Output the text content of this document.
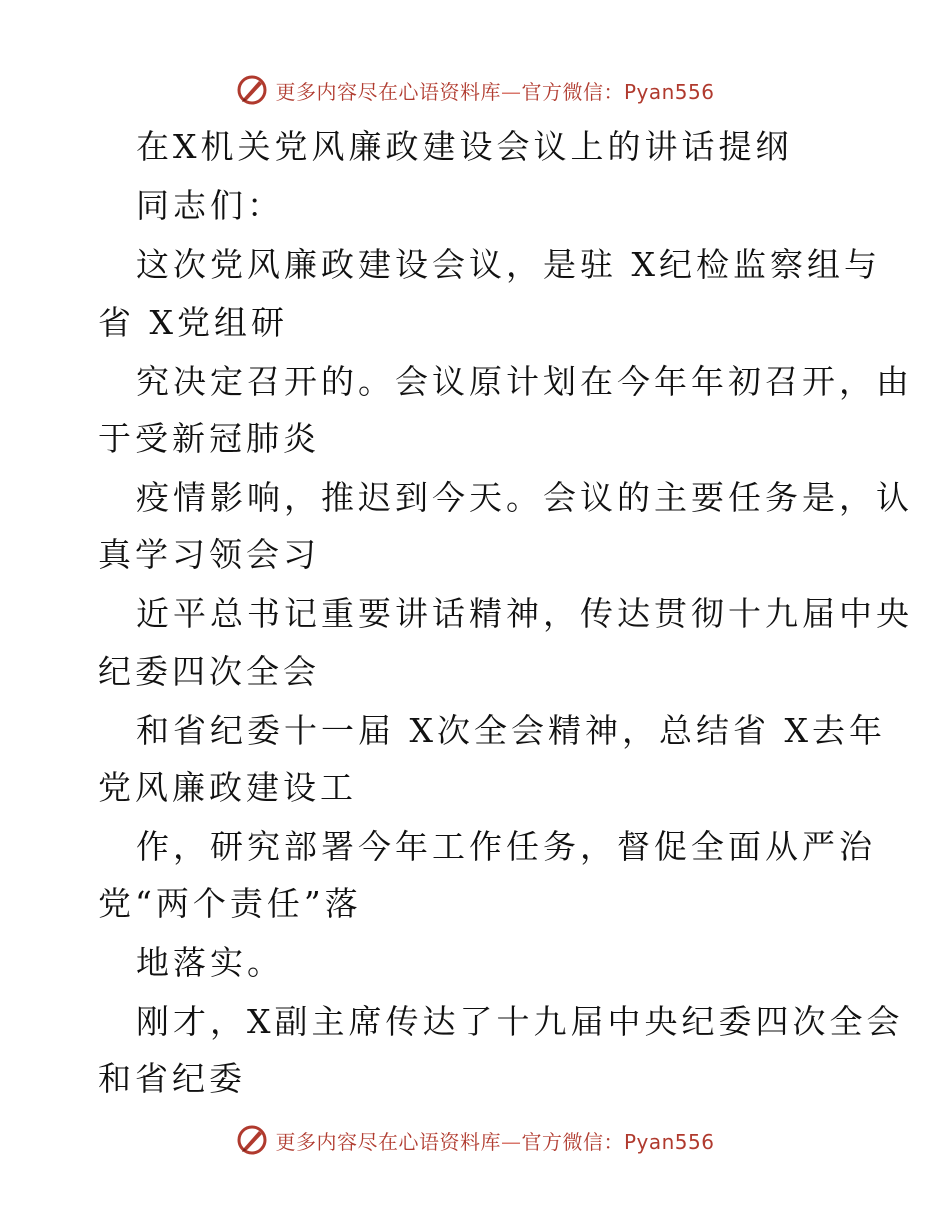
更多内容尽在心语资料库—官方微信：Pyan556
在X机关党风廉政建设会议上的讲话提纲
同志们：
这次党风廉政建设会议，是驻 X纪检监察组与
省 X党组研
究决定召开的。会议原计划在今年年初召开，由
于受新冠肺炎
疫情影响，推迟到今天。会议的主要任务是，认
真学习领会习
近平总书记重要讲话精神，传达贯彻十九届中央
纪委四次全会
和省纪委十一届 X次全会精神，总结省 X去年
党风廉政建设工
作，研究部署今年工作任务，督促全面从严治
党“两个责任”落
地落实。
刚才，X副主席传达了十九届中央纪委四次全会
和省纪委
更多内容尽在心语资料库—官方微信：Pyan556
